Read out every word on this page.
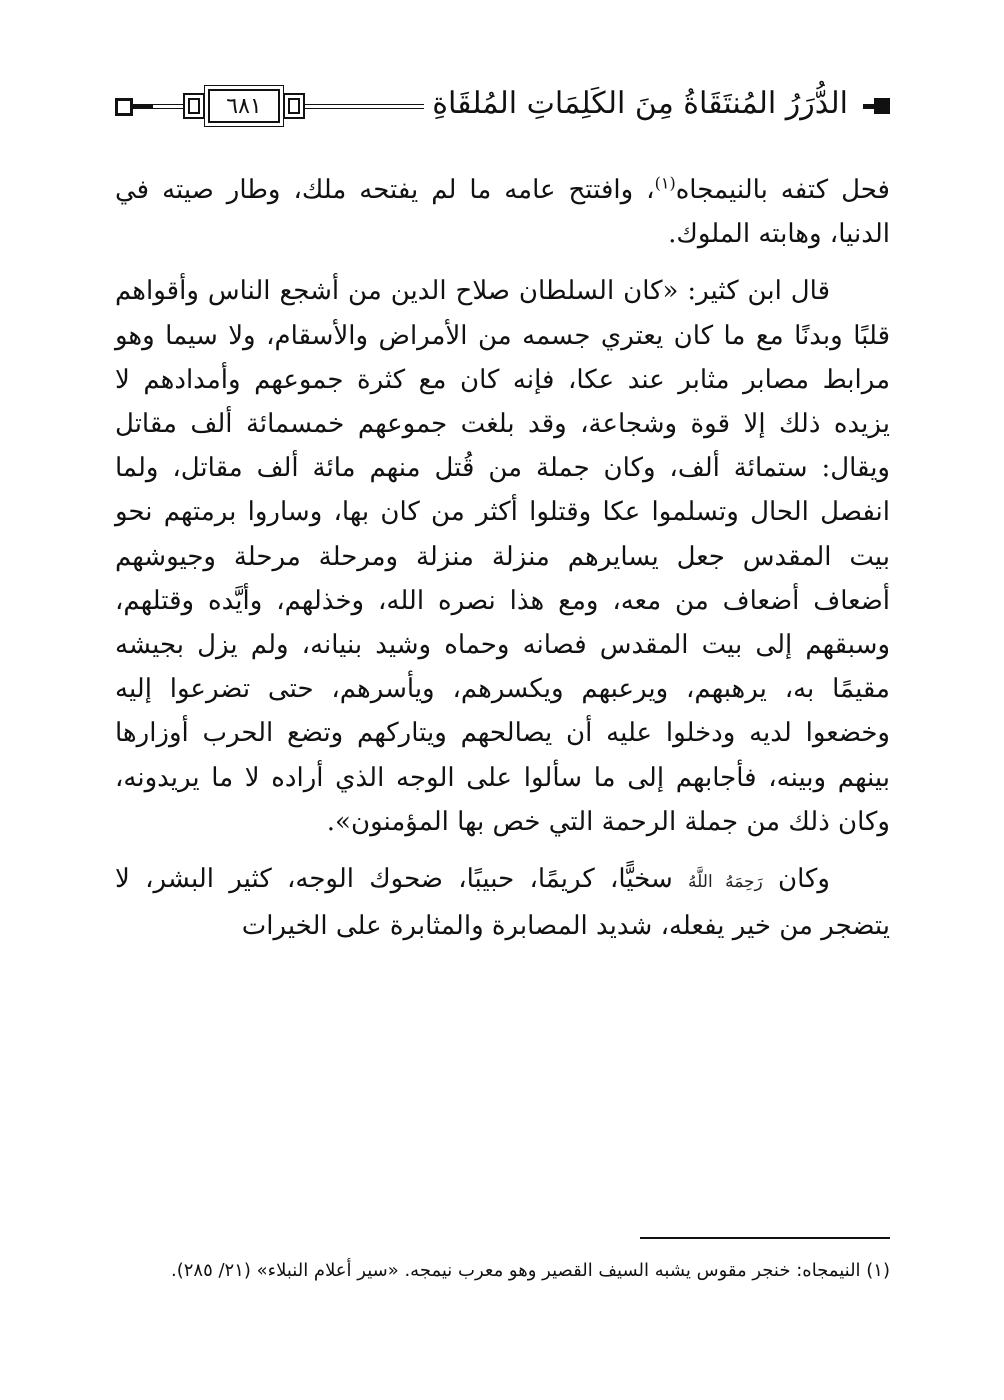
٦٨١	الدُّرَرُ المُنتَقَاةُ مِنَ الكَلِمَاتِ المُلقَاةِ

فحل كتفه بالنيمجاه$^{(١)}$، وافتتح عامه ما لم يفتحه ملك، وطار صيته في الدنيا، وهابته الملوك.

قال ابن كثير: «كان السلطان صلاح الدين من أشجع الناس وأقواهم قلبًا وبدنًا مع ما كان يعتري جسمه من الأمراض والأسقام، ولا سيما وهو مرابط مصابر مثابر عند عكا، فإنه كان مع كثرة جموعهم وأمدادهم لا يزيده ذلك إلا قوة وشجاعة، وقد بلغت جموعهم خمسمائة ألف مقاتل ويقال: ستمائة ألف، وكان جملة من قُتل منهم مائة ألف مقاتل، ولما انفصل الحال وتسلموا عكا وقتلوا أكثر من كان بها، وساروا برمتهم نحو بيت المقدس جعل يسايرهم منزلة منزلة ومرحلة مرحلة وجيوشهم أضعاف أضعاف من معه، ومع هذا نصره الله، وخذلهم، وأيَّده وقتلهم، وسبقهم إلى بيت المقدس فصانه وحماه وشيد بنيانه، ولم يزل بجيشه مقيمًا به، يرهبهم، ويرعبهم ويكسرهم، ويأسرهم، حتى تضرعوا إليه وخضعوا لديه ودخلوا عليه أن يصالحهم ويتاركهم وتضع الحرب أوزارها بينهم وبينه، فأجابهم إلى ما سألوا على الوجه الذي أراده لا ما يريدونه، وكان ذلك من جملة الرحمة التي خص بها المؤمنون».

وكان رَحِمَهُ اللَّهُ سخيًّا، كريمًا، حبيبًا، ضحوك الوجه، كثير البشر، لا يتضجر من خير يفعله، شديد المصابرة والمثابرة على الخيرات

(١) النيمجاه: خنجر مقوس يشبه السيف القصير وهو معرب نيمجه. «سير أعلام النبلاء» (٢١/ ٢٨٥).
